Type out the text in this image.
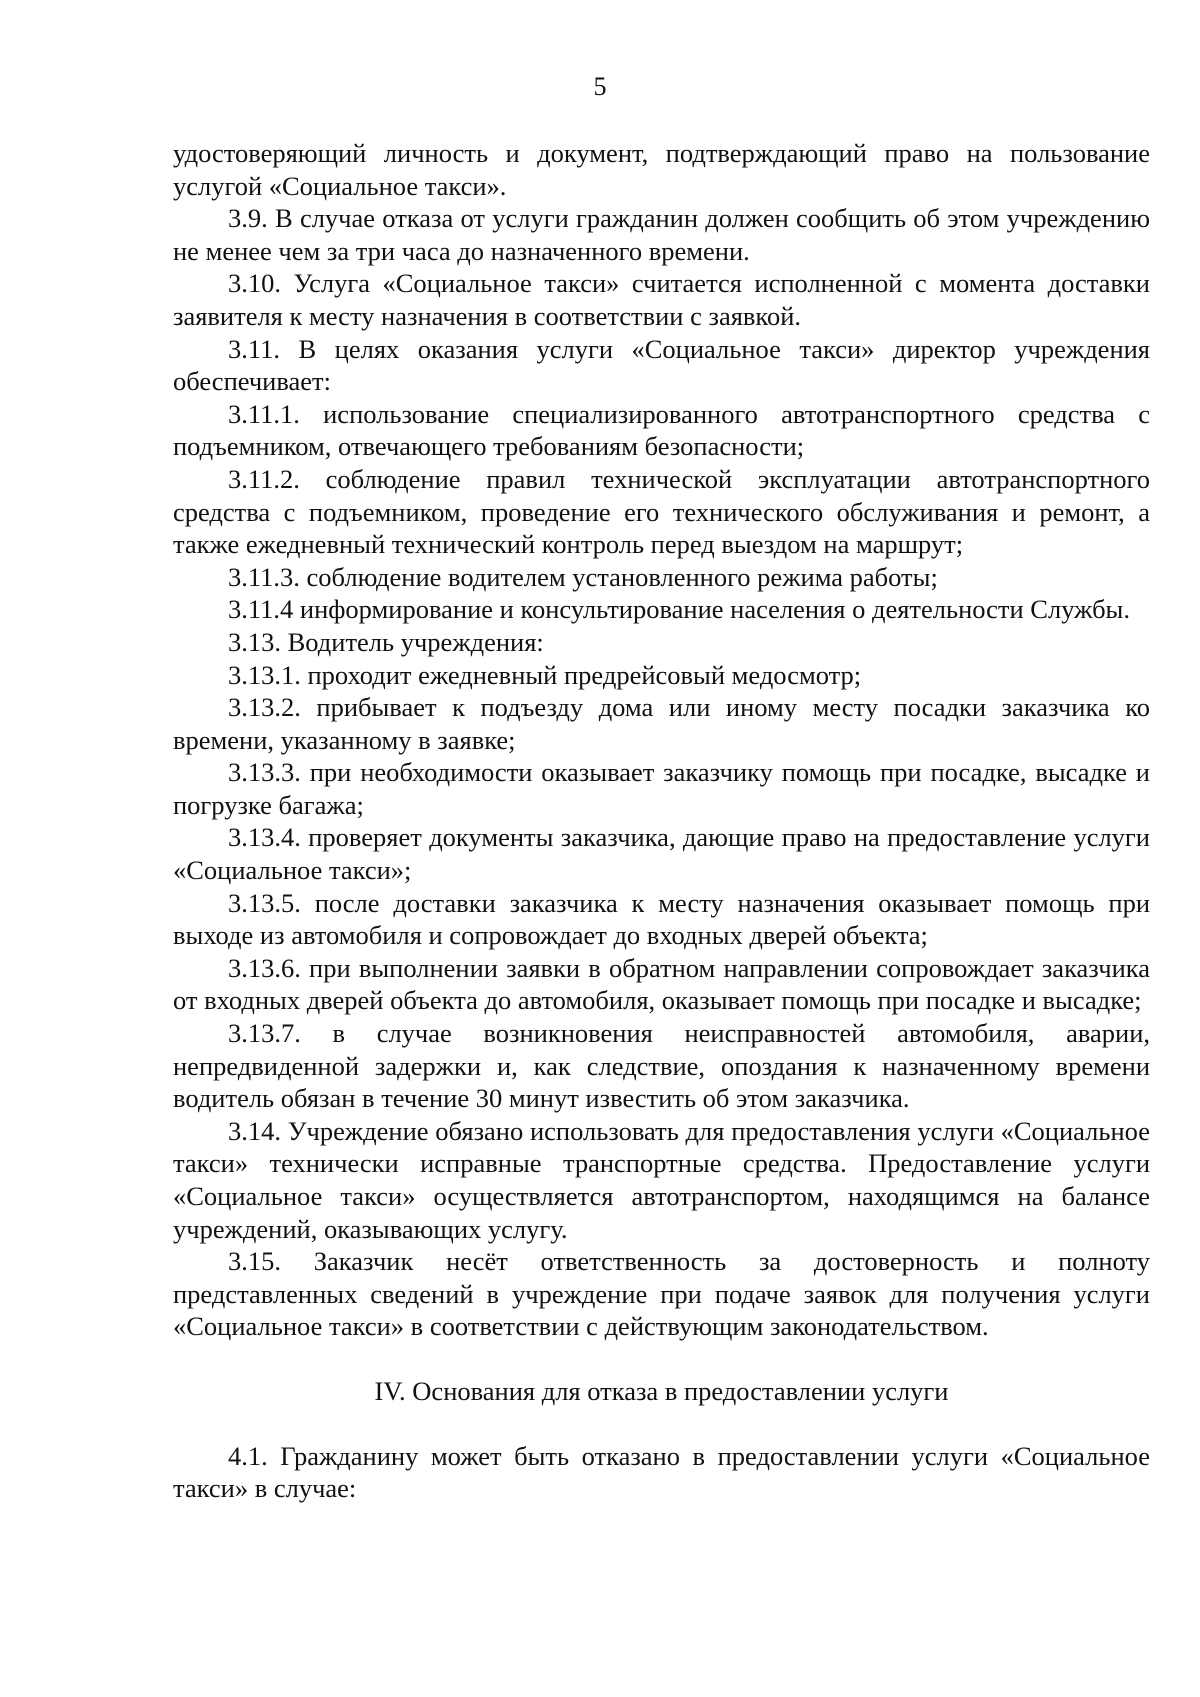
5

удостоверяющий личность и документ, подтверждающий право на пользование услугой «Социальное такси».

3.9. В случае отказа от услуги гражданин должен сообщить об этом учреждению не менее чем за три часа до назначенного времени.

3.10. Услуга «Социальное такси» считается исполненной с момента доставки заявителя к месту назначения в соответствии с заявкой.

3.11. В целях оказания услуги «Социальное такси» директор учреждения обеспечивает:

3.11.1. использование специализированного автотранспортного средства с подъемником, отвечающего требованиям безопасности;

3.11.2. соблюдение правил технической эксплуатации автотранспортного средства с подъемником, проведение его технического обслуживания и ремонт, а также ежедневный технический контроль перед выездом на маршрут;

3.11.3. соблюдение водителем установленного режима работы;

3.11.4 информирование и консультирование населения о деятельности Службы.

3.13. Водитель учреждения:

3.13.1. проходит ежедневный предрейсовый медосмотр;

3.13.2. прибывает к подъезду дома или иному месту посадки заказчика ко времени, указанному в заявке;

3.13.3. при необходимости оказывает заказчику помощь при посадке, высадке и погрузке багажа;

3.13.4. проверяет документы заказчика, дающие право на предоставление услуги «Социальное такси»;

3.13.5. после доставки заказчика к месту назначения оказывает помощь при выходе из автомобиля и сопровождает до входных дверей объекта;

3.13.6. при выполнении заявки в обратном направлении сопровождает заказчика от входных дверей объекта до автомобиля, оказывает помощь при посадке и высадке;

3.13.7. в случае возникновения неисправностей автомобиля, аварии, непредвиденной задержки и, как следствие, опоздания к назначенному времени водитель обязан в течение 30 минут известить об этом заказчика.

3.14. Учреждение обязано использовать для предоставления услуги «Социальное такси» технически исправные транспортные средства. Предоставление услуги «Социальное такси» осуществляется автотранспортом, находящимся на балансе учреждений, оказывающих услугу.

3.15. Заказчик несёт ответственность за достоверность и полноту представленных сведений в учреждение при подаче заявок для получения услуги «Социальное такси» в соответствии с действующим законодательством.

IV. Основания для отказа в предоставлении услуги

4.1. Гражданину может быть отказано в предоставлении услуги «Социальное такси» в случае:
